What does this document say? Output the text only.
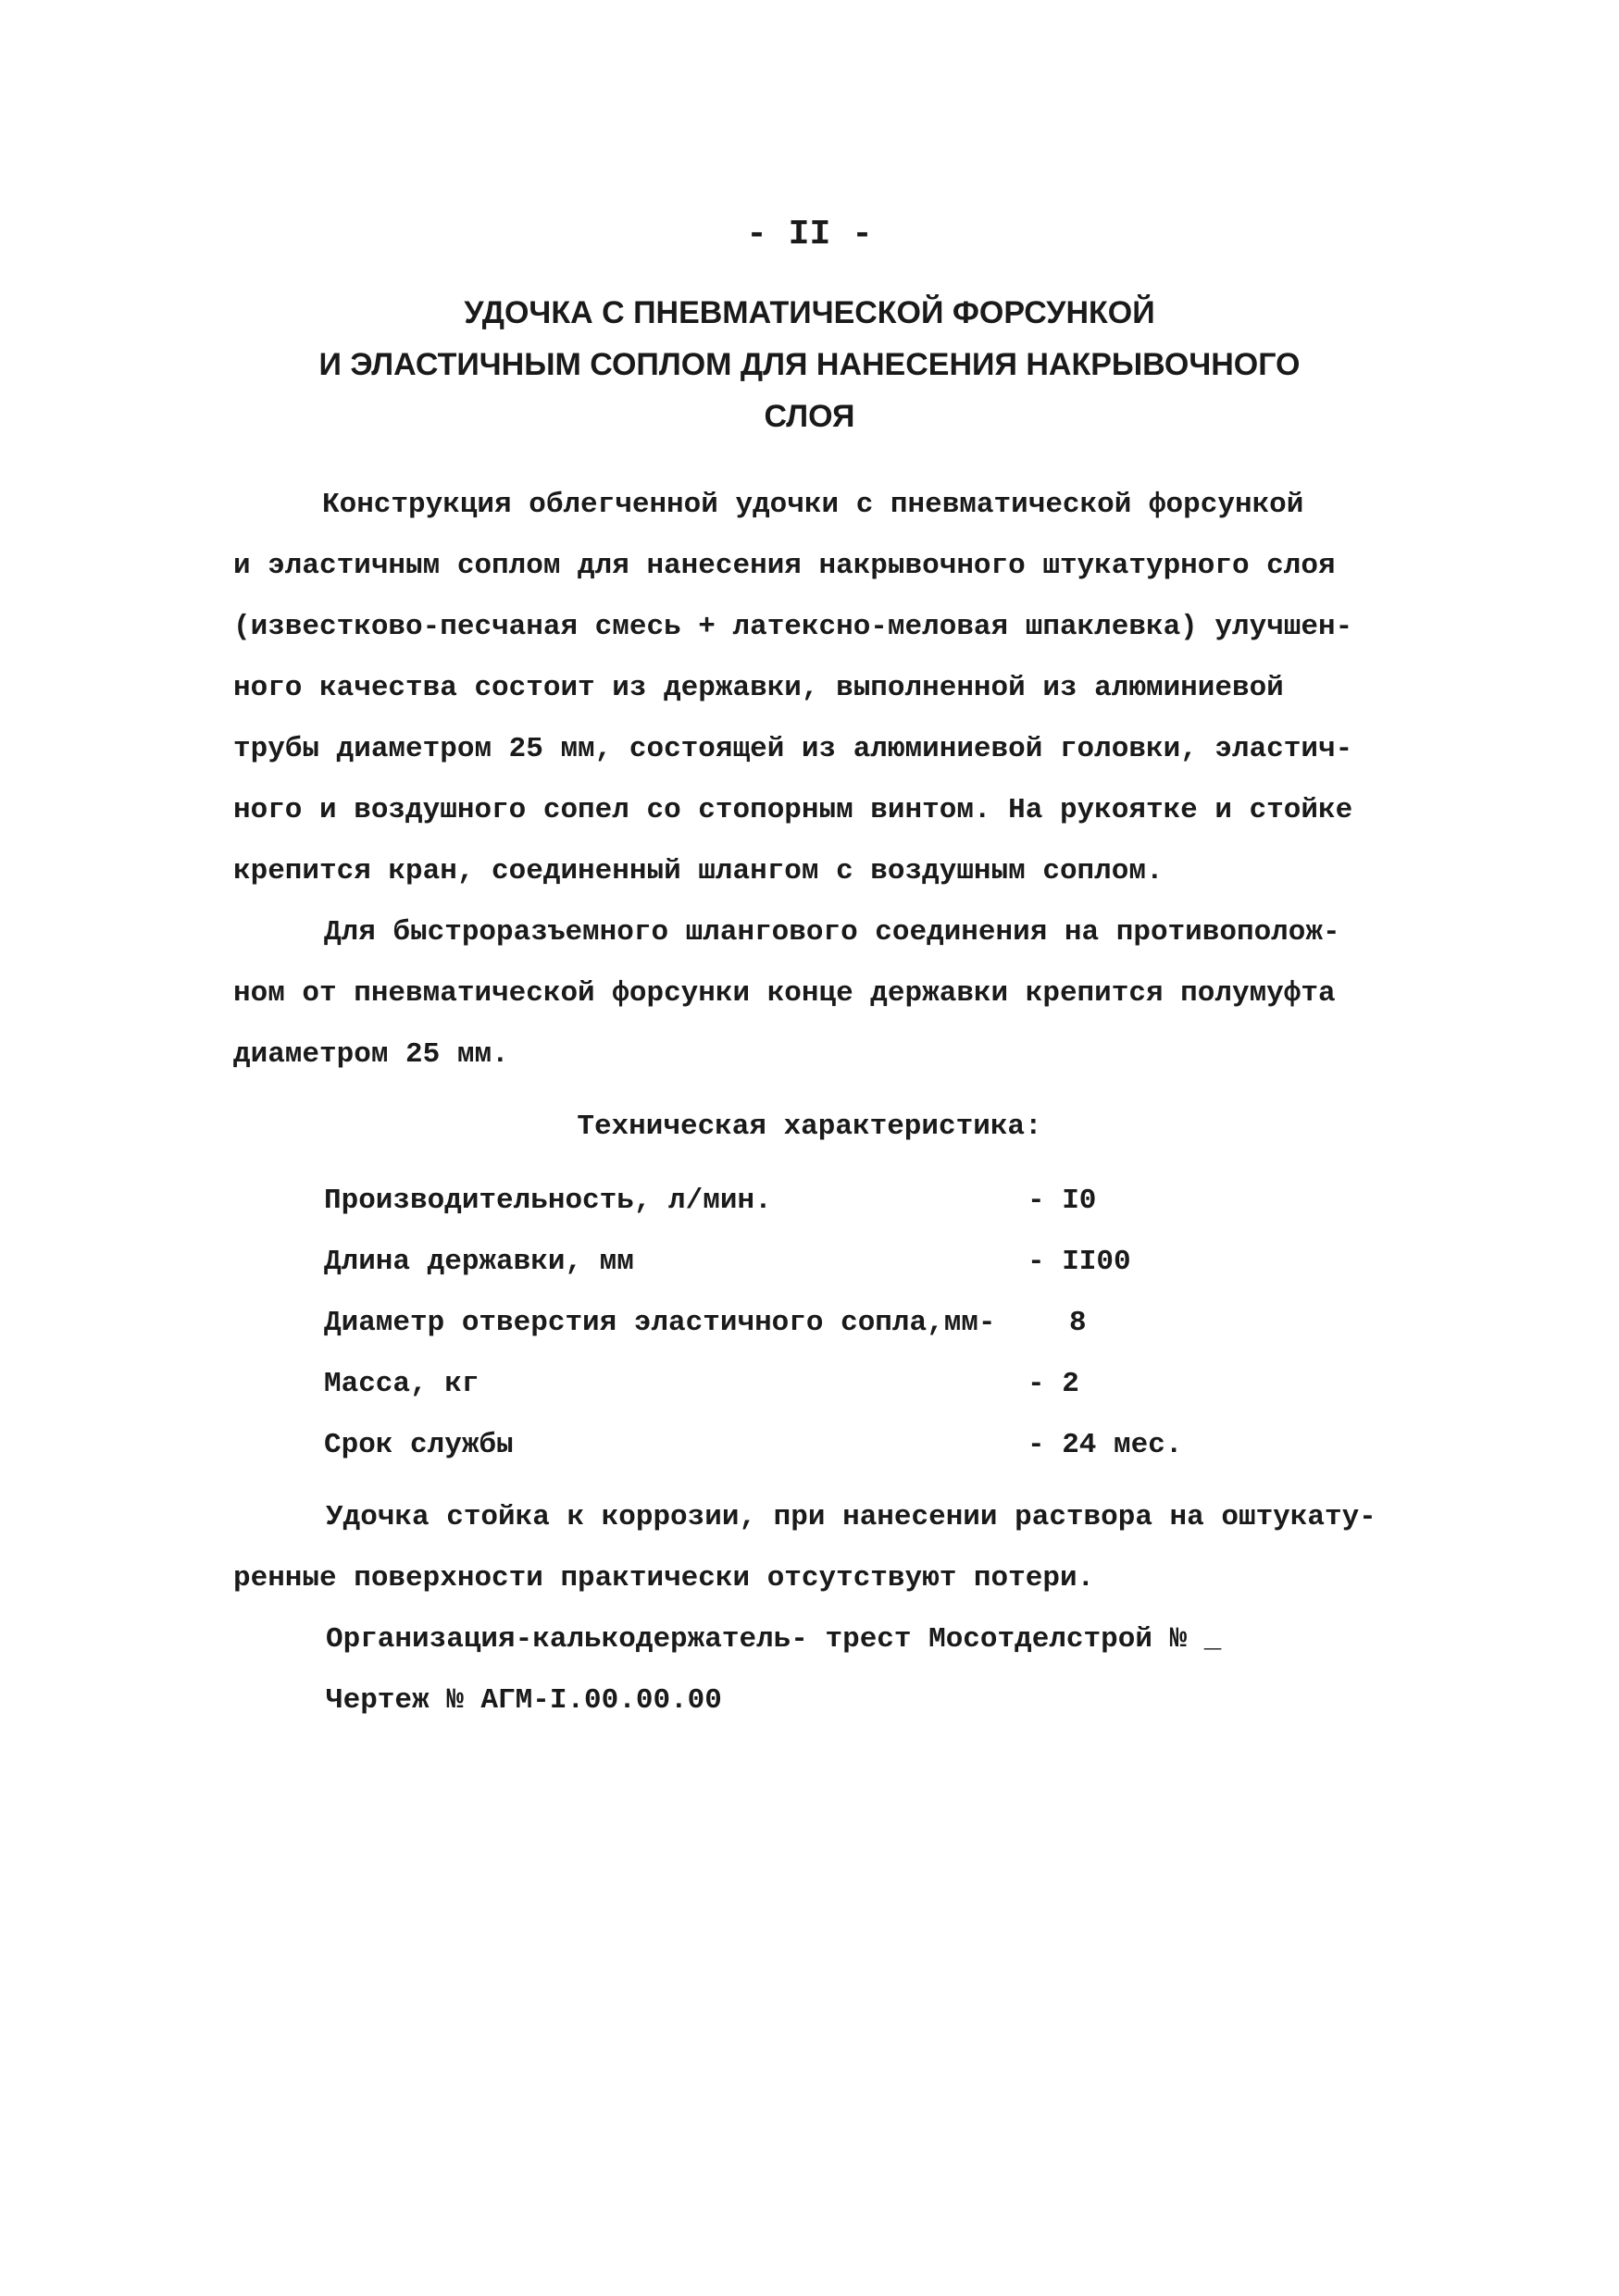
- II -
УДОЧКА С ПНЕВМАТИЧЕСКОЙ ФОРСУНКОЙ
И ЭЛАСТИЧНЫМ СОПЛОМ ДЛЯ НАНЕСЕНИЯ НАКРЫВОЧНОГО
СЛОЯ
Конструкция облегченной удочки с пневматической форсункой
и эластичным соплом для нанесения накрывочного штукатурного слоя
(известково-песчаная смесь + латексно-меловая шпаклевка) улучшен-
ного качества состоит из державки, выполненной из алюминиевой
трубы диаметром 25 мм, состоящей из алюминиевой головки, эластич-
ного и воздушного сопел со стопорным винтом. На рукоятке и стойке
крепится кран, соединенный шлангом с воздушным соплом.
Для быстроразъемного шлангового соединения на противополож-
ном от пневматической форсунки конце державки крепится полумуфта
диаметром 25 мм.
Техническая характеристика:
Производительность, л/мин.	- I0
Длина державки, мм	- II00
Диаметр отверстия эластичного сопла,мм-	8
Масса, кг	- 2
Срок службы	- 24 мес.
Удочка стойка к коррозии, при нанесении раствора на оштукату-
ренные поверхности практически отсутствуют потери.
Организация-калькодержатель- трест Мосотделстрой № _
Чертеж № АГМ-I.00.00.00
